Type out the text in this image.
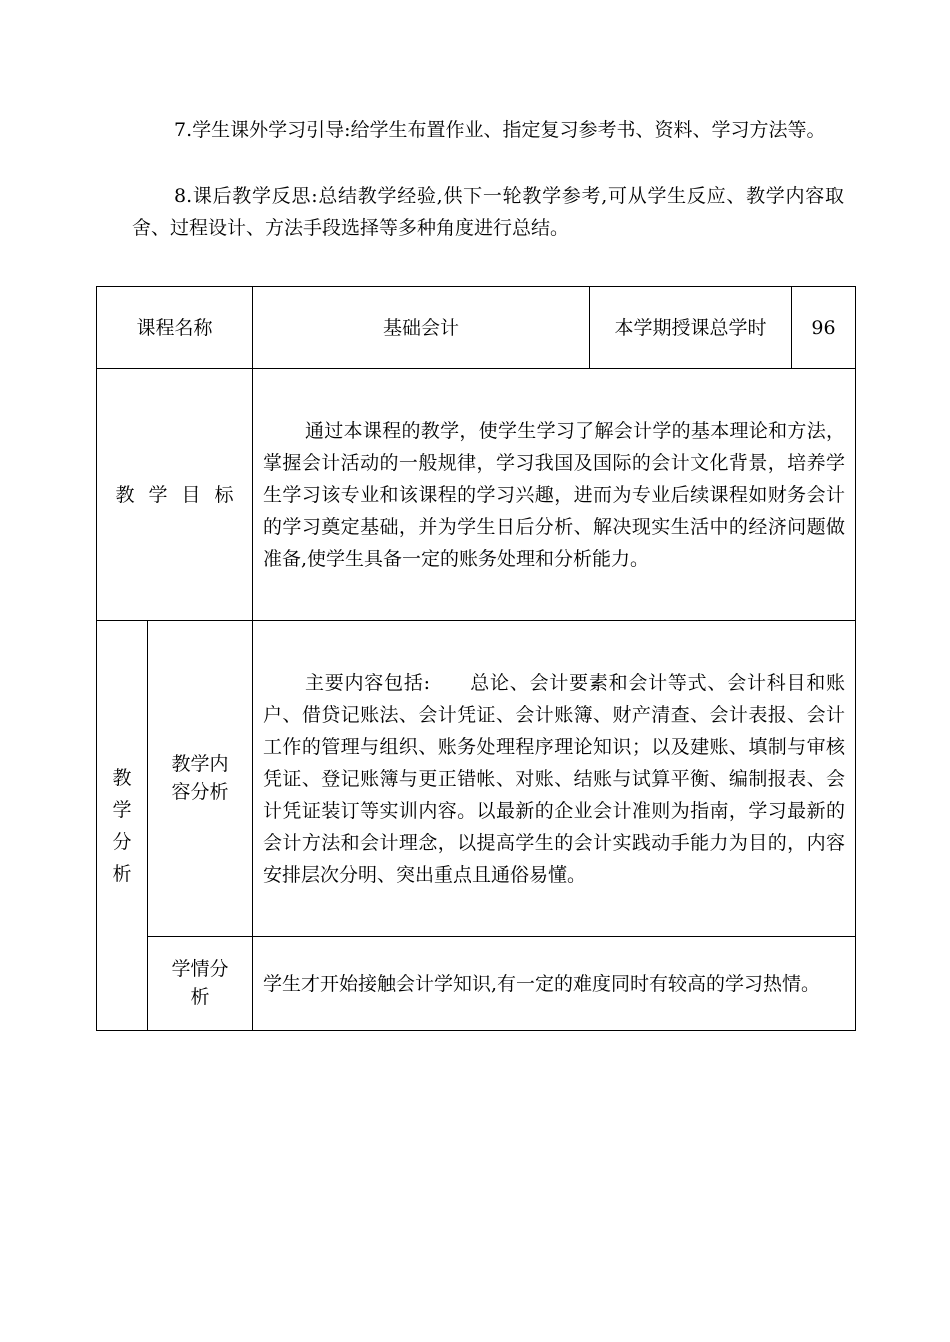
7.学生课外学习引导:给学生布置作业、指定复习参考书、资料、学习方法等。

8.课后教学反思:总结教学经验,供下一轮教学参考,可从学生反应、教学内容取舍、过程设计、方法手段选择等多种角度进行总结。

课程名称		基础会计	本学期授课总学时	96
教学目标		通过本课程的教学，使学生学习了解会计学的基本理论和方法，掌握会计活动的一般规律，学习我国及国际的会计文化背景，培养学生学习该专业和该课程的学习兴趣，进而为专业后续课程如财务会计的学习奠定基础，并为学生日后分析、解决现实生活中的经济问题做准备,使学生具备一定的账务处理和分析能力。		

教学分析	教学内容分析	主要内容包括:　　总论、会计要素和会计等式、会计科目和账户、借贷记账法、会计凭证、会计账簿、财产清查、会计表报、会计工作的管理与组织、账务处理程序理论知识；以及建账、填制与审核凭证、登记账簿与更正错帐、对账、结账与试算平衡、编制报表、会计凭证装订等实训内容。以最新的企业会计准则为指南，学习最新的会计方法和会计理念，以提高学生的会计实践动手能力为目的，内容安排层次分明、突出重点且通俗易懂。		

	学情分析	学生才开始接触会计学知识,有一定的难度同时有较高的学习热情。		
